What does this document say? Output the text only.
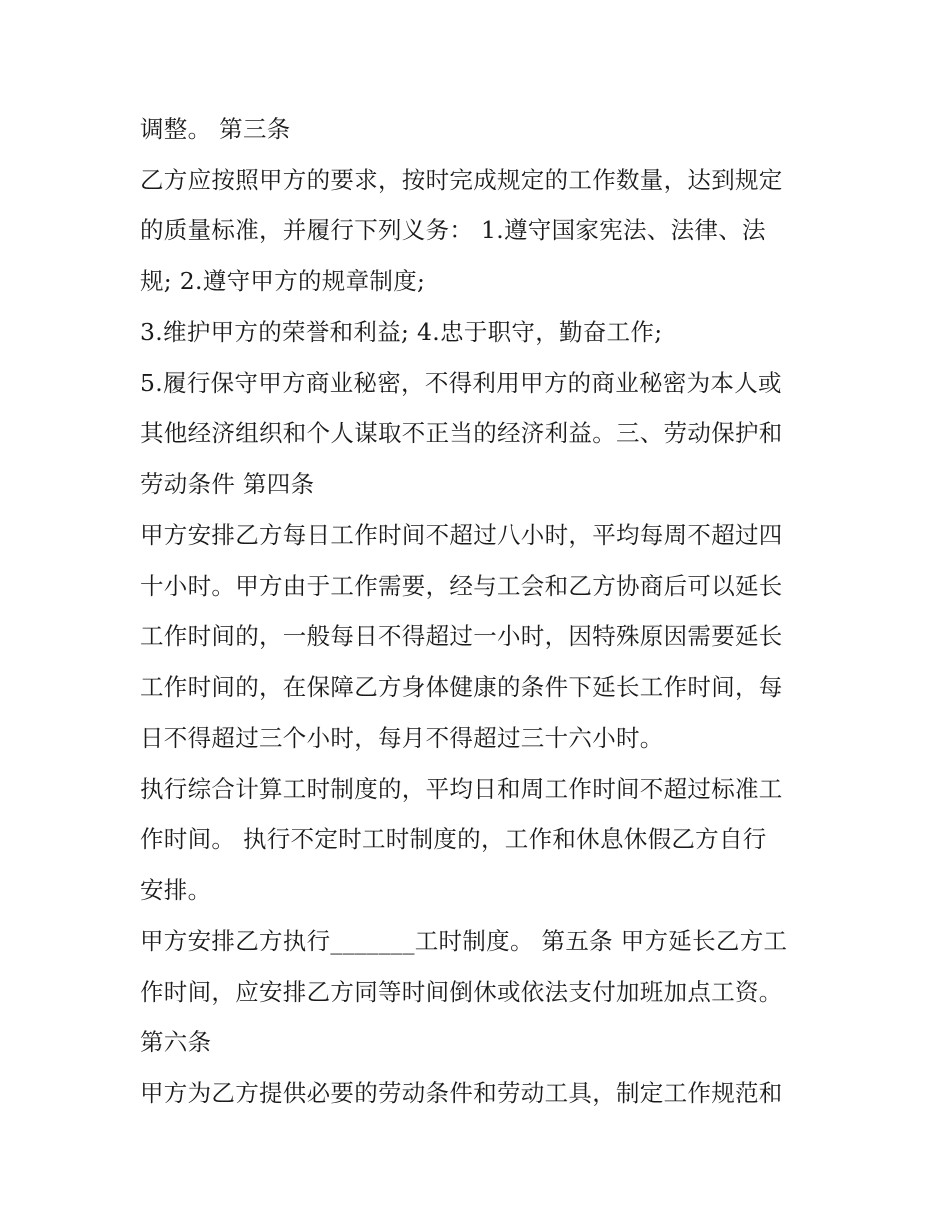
调整。 第三条
乙方应按照甲方的要求，按时完成规定的工作数量，达到规定
的质量标准，并履行下列义务： 1.遵守国家宪法、法律、法
规; 2.遵守甲方的规章制度;
3.维护甲方的荣誉和利益; 4.忠于职守，勤奋工作;
5.履行保守甲方商业秘密，不得利用甲方的商业秘密为本人或
其他经济组织和个人谋取不正当的经济利益。三、劳动保护和
劳动条件 第四条
甲方安排乙方每日工作时间不超过八小时，平均每周不超过四
十小时。甲方由于工作需要，经与工会和乙方协商后可以延长
工作时间的，一般每日不得超过一小时，因特殊原因需要延长
工作时间的，在保障乙方身体健康的条件下延长工作时间，每
日不得超过三个小时，每月不得超过三十六小时。
执行综合计算工时制度的，平均日和周工作时间不超过标准工
作时间。 执行不定时工时制度的，工作和休息休假乙方自行
安排。
甲方安排乙方执行_______工时制度。 第五条 甲方延长乙方工
作时间，应安排乙方同等时间倒休或依法支付加班加点工资。
第六条
甲方为乙方提供必要的劳动条件和劳动工具，制定工作规范和
